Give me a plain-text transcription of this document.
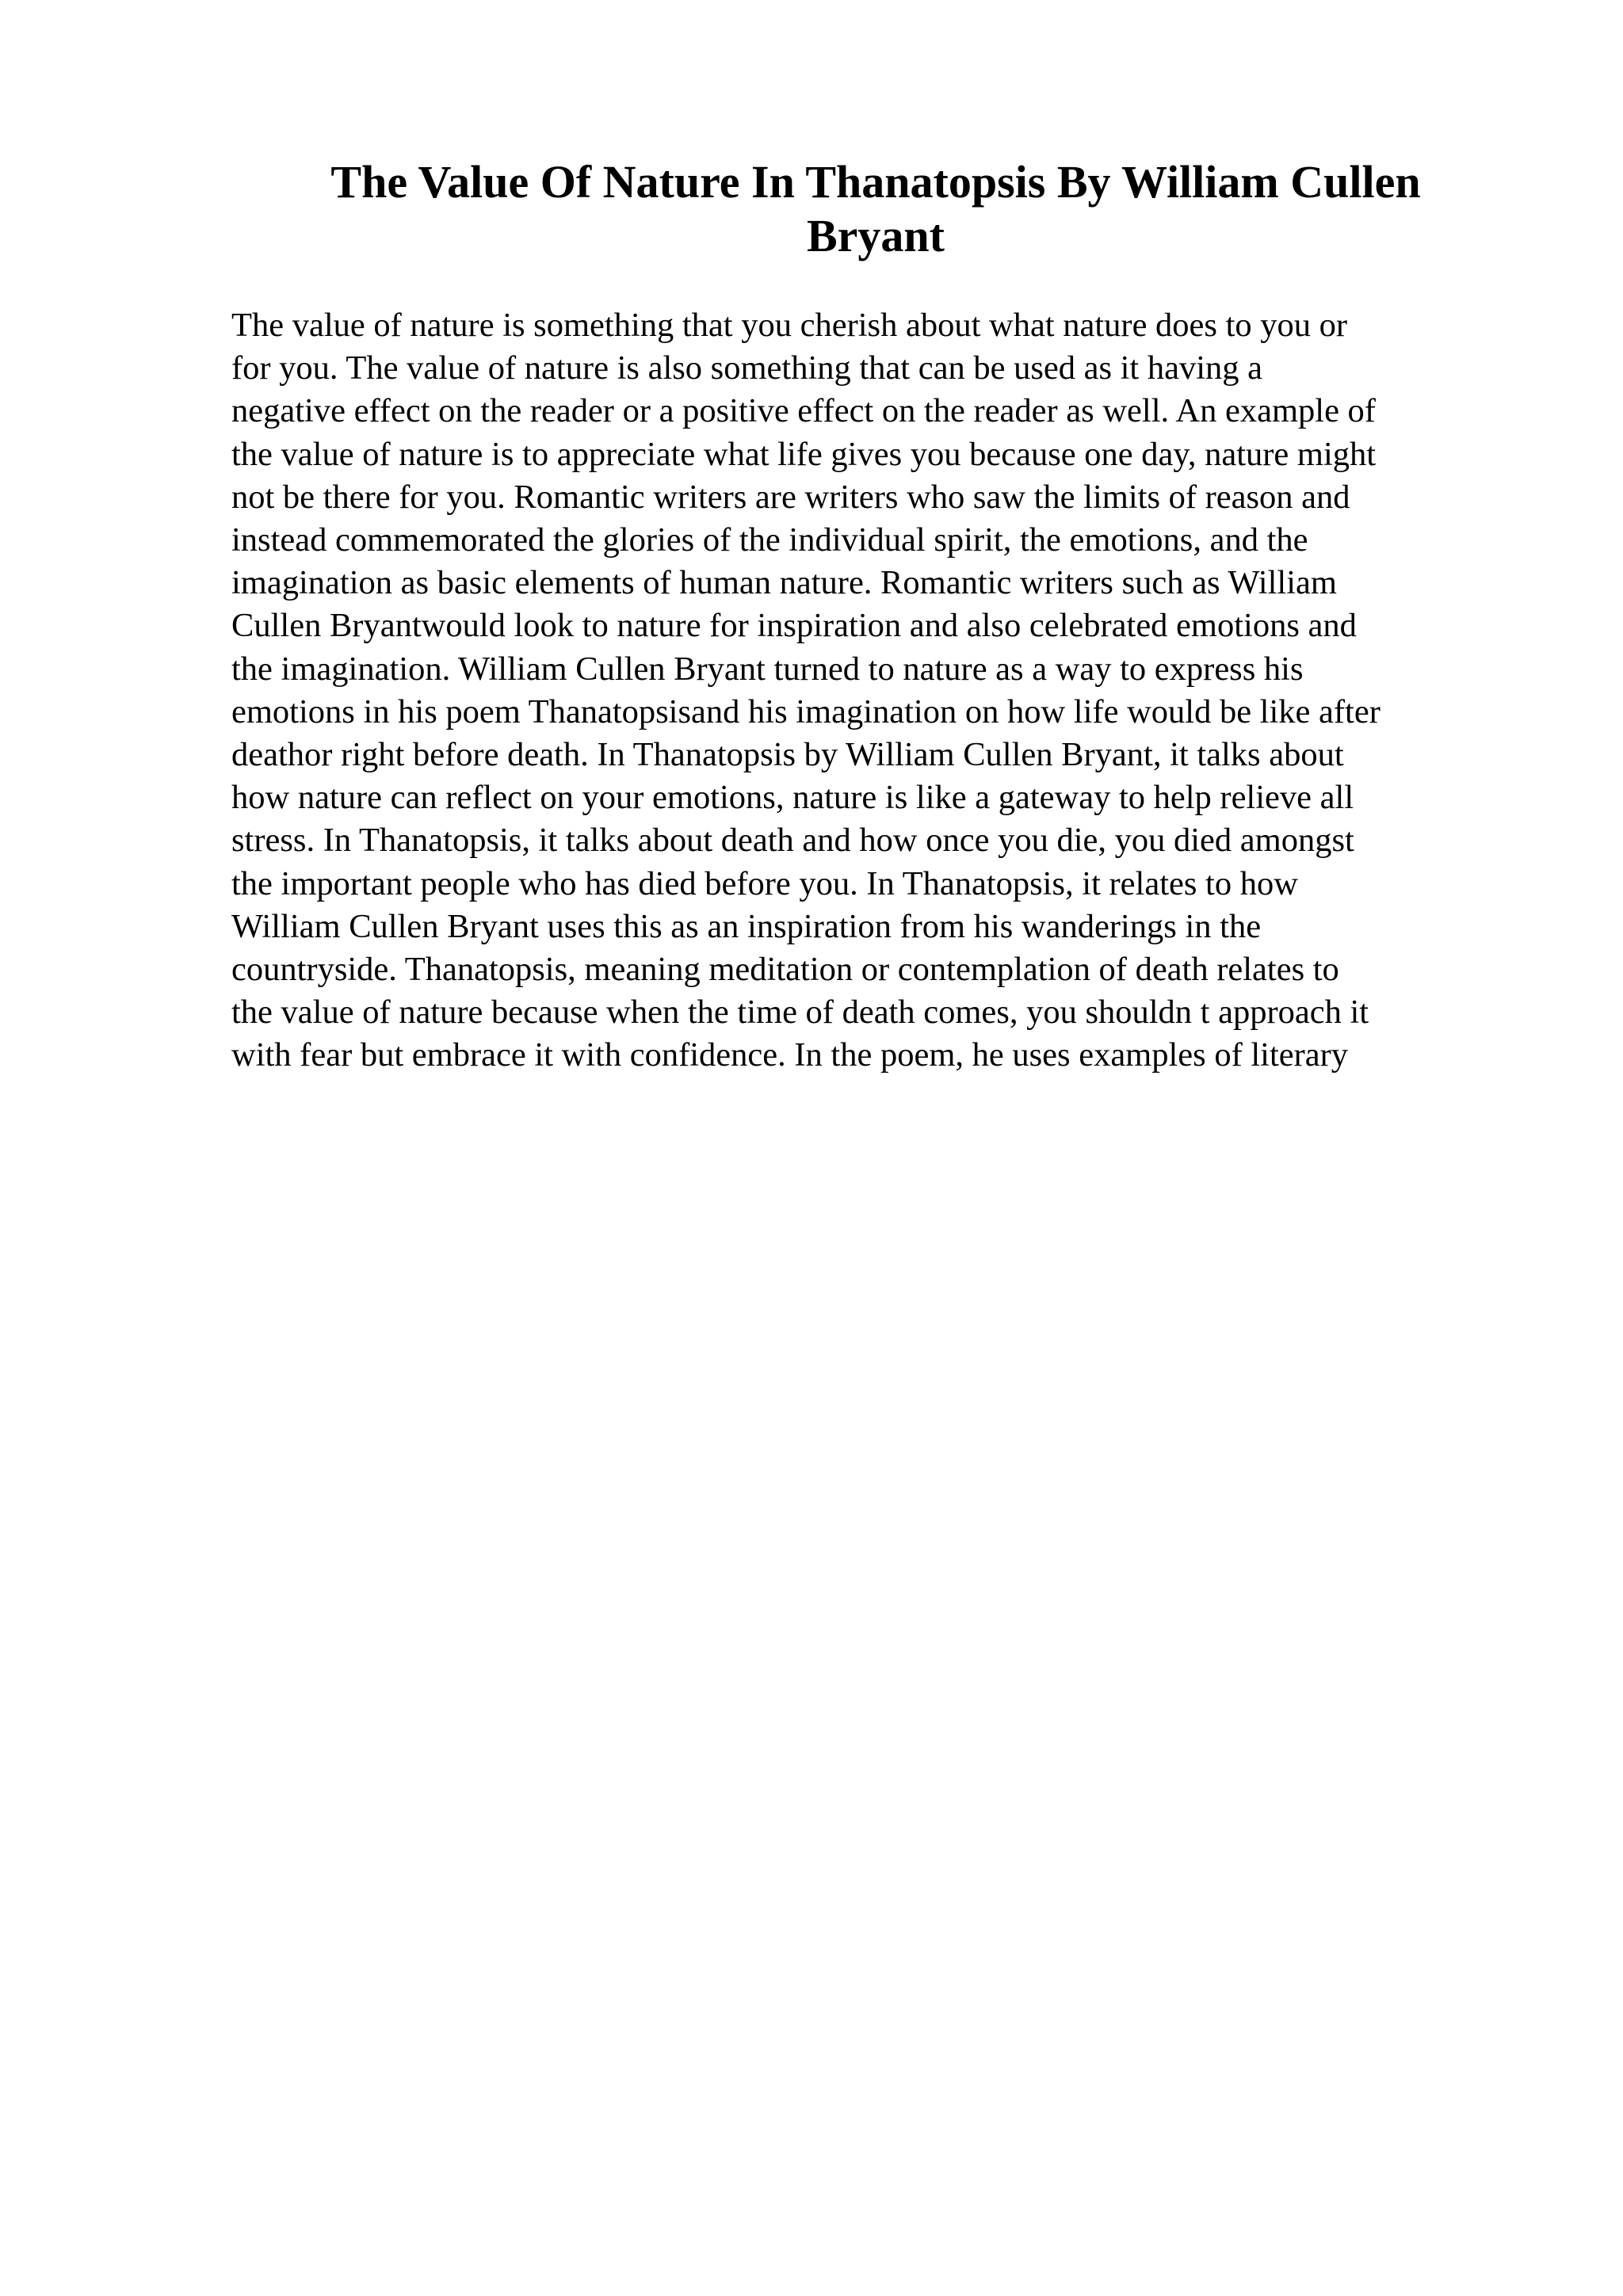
The Value Of Nature In Thanatopsis By William Cullen
Bryant
The value of nature is something that you cherish about what nature does to you or
for you. The value of nature is also something that can be used as it having a
negative effect on the reader or a positive effect on the reader as well. An example of
the value of nature is to appreciate what life gives you because one day, nature might
not be there for you. Romantic writers are writers who saw the limits of reason and
instead commemorated the glories of the individual spirit, the emotions, and the
imagination as basic elements of human nature. Romantic writers such as William
Cullen Bryantwould look to nature for inspiration and also celebrated emotions and
the imagination. William Cullen Bryant turned to nature as a way to express his
emotions in his poem Thanatopsisand his imagination on how life would be like after
deathor right before death. In Thanatopsis by William Cullen Bryant, it talks about
how nature can reflect on your emotions, nature is like a gateway to help relieve all
stress. In Thanatopsis, it talks about death and how once you die, you died amongst
the important people who has died before you. In Thanatopsis, it relates to how
William Cullen Bryant uses this as an inspiration from his wanderings in the
countryside. Thanatopsis, meaning meditation or contemplation of death relates to
the value of nature because when the time of death comes, you shouldn t approach it
with fear but embrace it with confidence. In the poem, he uses examples of literary
